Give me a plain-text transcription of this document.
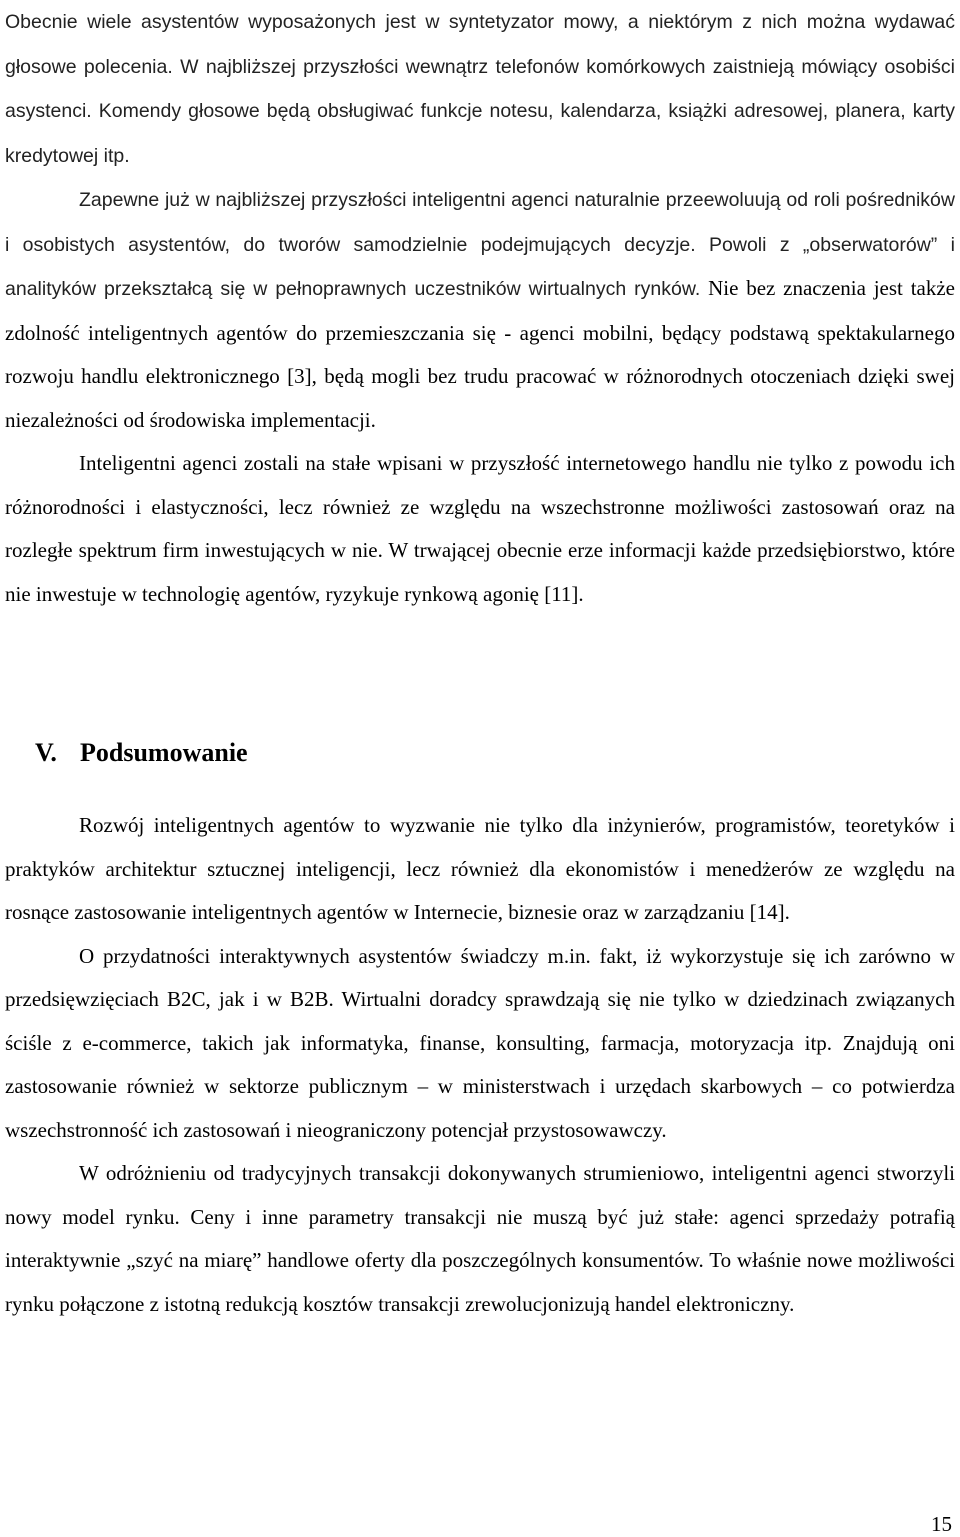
Obecnie wiele asystentów wyposażonych jest w syntetyzator mowy, a niektórym z nich można wydawać głosowe polecenia. W najbliższej przyszłości wewnątrz telefonów komórkowych zaistnieją mówiący osobiści asystenci. Komendy głosowe będą obsługiwać funkcje notesu, kalendarza, książki adresowej, planera, karty kredytowej itp.

Zapewne już w najbliższej przyszłości inteligentni agenci naturalnie przeewoluują od roli pośredników i osobistych asystentów, do tworów samodzielnie podejmujących decyzje. Powoli z „obserwatorów” i analityków przekształcą się w pełnoprawnych uczestników wirtualnych rynków. Nie bez znaczenia jest także zdolność inteligentnych agentów do przemieszczania się - agenci mobilni, będący podstawą spektakularnego rozwoju handlu elektronicznego [3], będą mogli bez trudu pracować w różnorodnych otoczeniach dzięki swej niezależności od środowiska implementacji.

Inteligentni agenci zostali na stałe wpisani w przyszłość internetowego handlu nie tylko z powodu ich różnorodności i elastyczności, lecz również ze względu na wszechstronne możliwości zastosowań oraz na rozległe spektrum firm inwestujących w nie. W trwającej obecnie erze informacji każde przedsiębiorstwo, które nie inwestuje w technologię agentów, ryzykuje rynkową agonię [11].

V. Podsumowanie

Rozwój inteligentnych agentów to wyzwanie nie tylko dla inżynierów, programistów, teoretyków i praktyków architektur sztucznej inteligencji, lecz również dla ekonomistów i menedżerów ze względu na rosnące zastosowanie inteligentnych agentów w Internecie, biznesie oraz w zarządzaniu [14].

O przydatności interaktywnych asystentów świadczy m.in. fakt, iż wykorzystuje się ich zarówno w przedsięwzięciach B2C, jak i w B2B. Wirtualni doradcy sprawdzają się nie tylko w dziedzinach związanych ściśle z e-commerce, takich jak informatyka, finanse, konsulting, farmacja, motoryzacja itp. Znajdują oni zastosowanie również w sektorze publicznym – w ministerstwach i urzędach skarbowych – co potwierdza wszechstronność ich zastosowań i nieograniczony potencjał przystosowawczy.

W odróżnieniu od tradycyjnych transakcji dokonywanych strumieniowo, inteligentni agenci stworzyli nowy model rynku. Ceny i inne parametry transakcji nie muszą być już stałe: agenci sprzedaży potrafią interaktywnie „szyć na miarę” handlowe oferty dla poszczególnych konsumentów. To właśnie nowe możliwości rynku połączone z istotną redukcją kosztów transakcji zrewolucjonizują handel elektroniczny.

15
